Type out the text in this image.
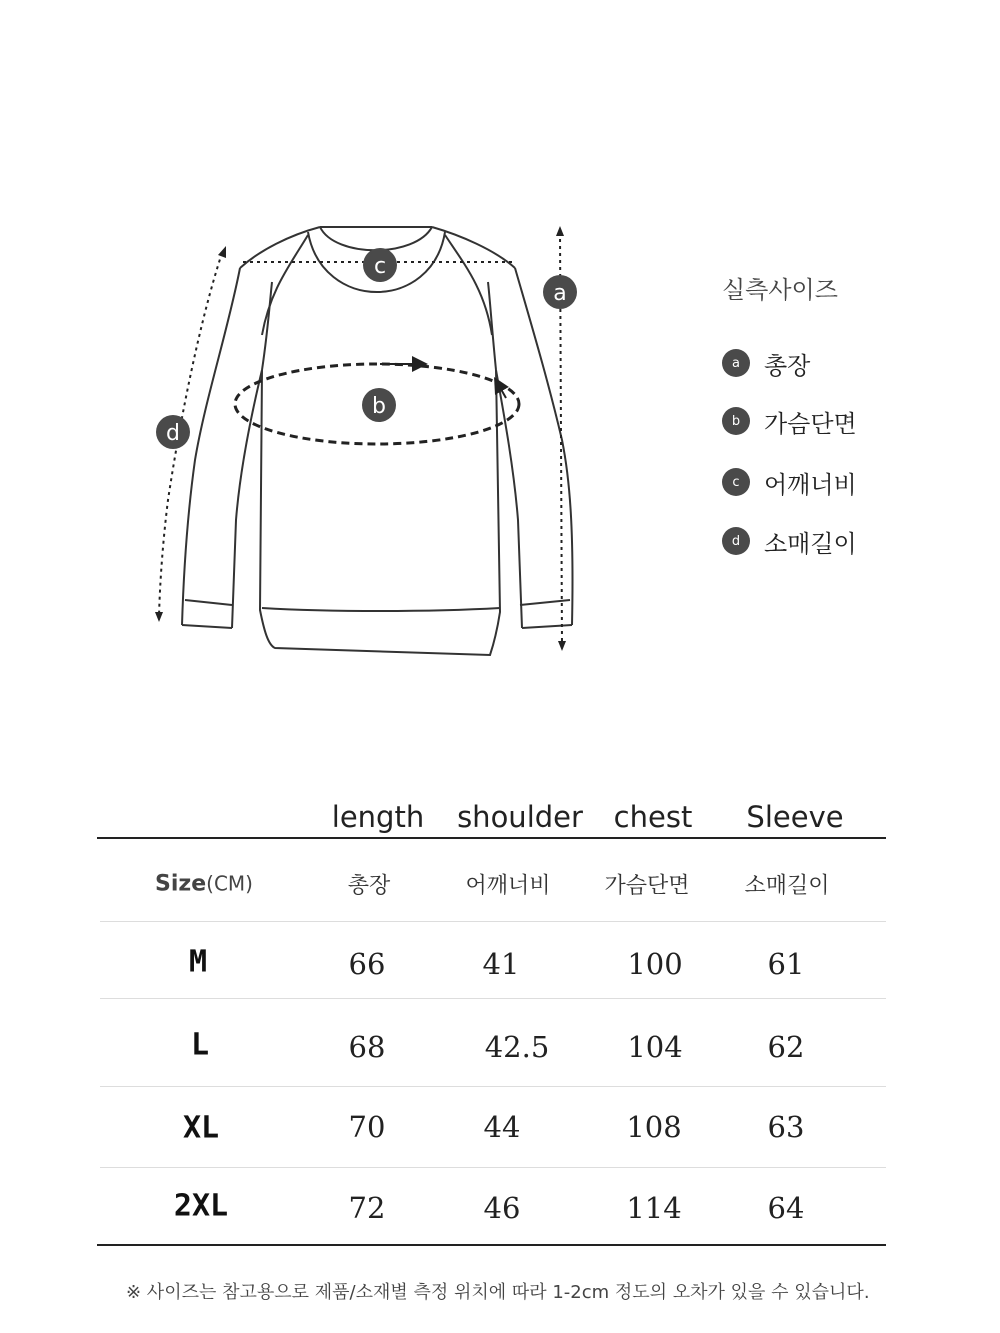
c
b
a
d
실측사이즈
a	총장
b 가슴단면
c	어깨너비
d 소매길이
length shoulder chest Sleeve
Size(CM)	총장	어깨너비 가슴단면 소매길이
M	66	41	100	61
L	68	42.5	104	62
XL	70	44	108	63
2XL	72	46	114	64
※ 사이즈는 참고용으로 제품/소재별 측정 위치에 따라 1-2cm 정도의 오차가 있을 수 있습니다.
